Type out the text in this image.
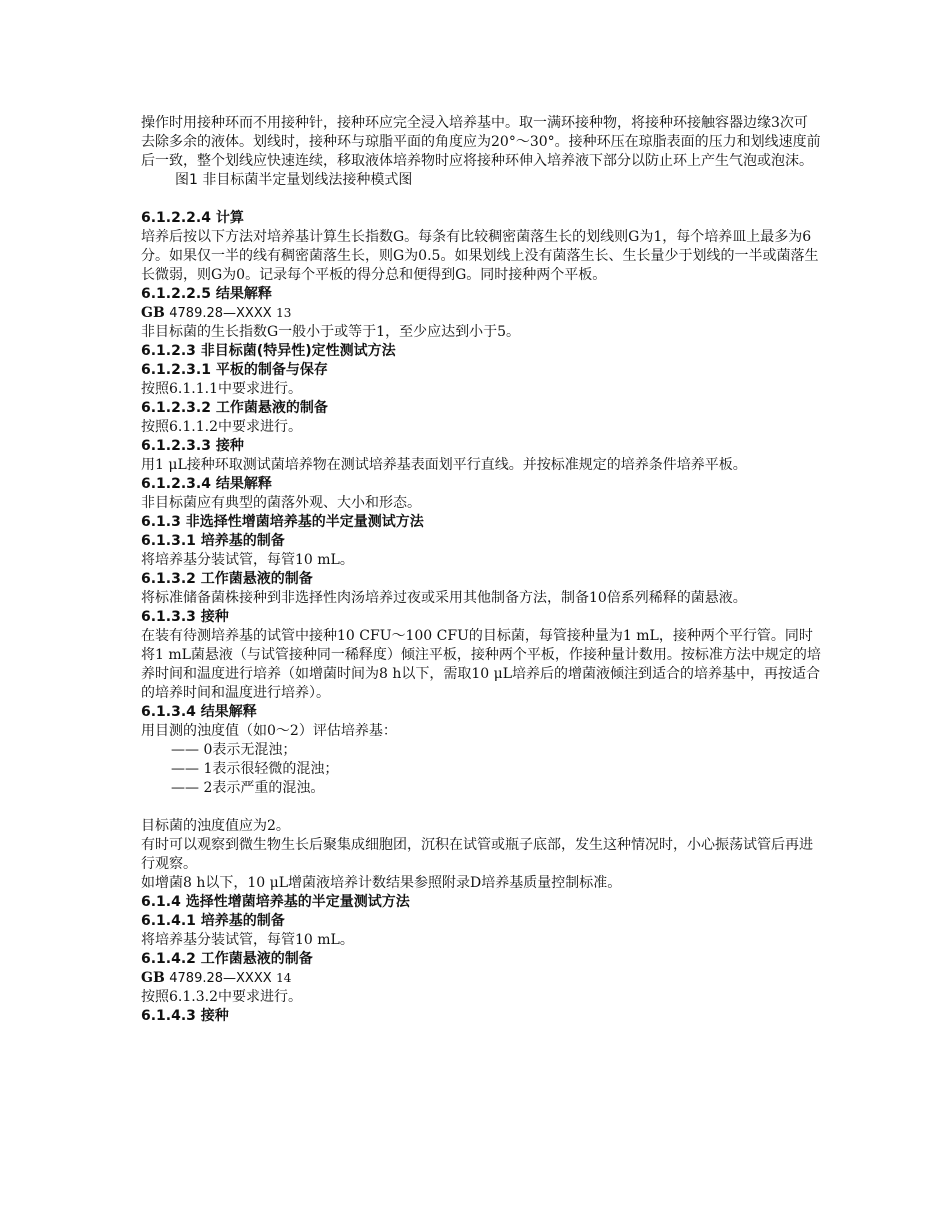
操作时用接种环而不用接种针，接种环应完全浸入培养基中。取一满环接种物，将接种环接触容器边缘3次可去除多余的液体。划线时，接种环与琼脂平面的角度应为20°～30°。接种环压在琼脂表面的压力和划线速度前后一致，整个划线应快速连续，移取液体培养物时应将接种环伸入培养液下部分以防止环上产生气泡或泡沫。

图1 非目标菌半定量划线法接种模式图

6.1.2.2.4 计算

培养后按以下方法对培养基计算生长指数G。每条有比较稠密菌落生长的划线则G为1，每个培养皿上最多为6分。如果仅一半的线有稠密菌落生长，则G为0.5。如果划线上没有菌落生长、生长量少于划线的一半或菌落生长微弱，则G为0。记录每个平板的得分总和便得到G。同时接种两个平板。

6.1.2.2.5 结果解释

GB 4789.28—XXXX 13

非目标菌的生长指数G一般小于或等于1，至少应达到小于5。

6.1.2.3 非目标菌(特异性)定性测试方法

6.1.2.3.1 平板的制备与保存

按照6.1.1.1中要求进行。

6.1.2.3.2 工作菌悬液的制备

按照6.1.1.2中要求进行。

6.1.2.3.3 接种

用1 μL接种环取测试菌培养物在测试培养基表面划平行直线。并按标准规定的培养条件培养平板。

6.1.2.3.4 结果解释

非目标菌应有典型的菌落外观、大小和形态。

6.1.3 非选择性增菌培养基的半定量测试方法

6.1.3.1 培养基的制备

将培养基分装试管，每管10 mL。

6.1.3.2 工作菌悬液的制备

将标准储备菌株接种到非选择性肉汤培养过夜或采用其他制备方法，制备10倍系列稀释的菌悬液。

6.1.3.3 接种

在装有待测培养基的试管中接种10 CFU～100 CFU的目标菌，每管接种量为1 mL，接种两个平行管。同时将1 mL菌悬液（与试管接种同一稀释度）倾注平板，接种两个平板，作接种量计数用。按标准方法中规定的培养时间和温度进行培养（如增菌时间为8 h以下，需取10 μL培养后的增菌液倾注到适合的培养基中，再按适合的培养时间和温度进行培养）。

6.1.3.4 结果解释

用目测的浊度值（如0～2）评估培养基：

—— 0表示无混浊；

—— 1表示很轻微的混浊；

—— 2表示严重的混浊。

目标菌的浊度值应为2。

有时可以观察到微生物生长后聚集成细胞团，沉积在试管或瓶子底部，发生这种情况时，小心振荡试管后再进行观察。

如增菌8 h以下，10 μL增菌液培养计数结果参照附录D培养基质量控制标准。

6.1.4 选择性增菌培养基的半定量测试方法

6.1.4.1 培养基的制备

将培养基分装试管，每管10 mL。

6.1.4.2 工作菌悬液的制备

GB 4789.28—XXXX 14

按照6.1.3.2中要求进行。

6.1.4.3 接种
